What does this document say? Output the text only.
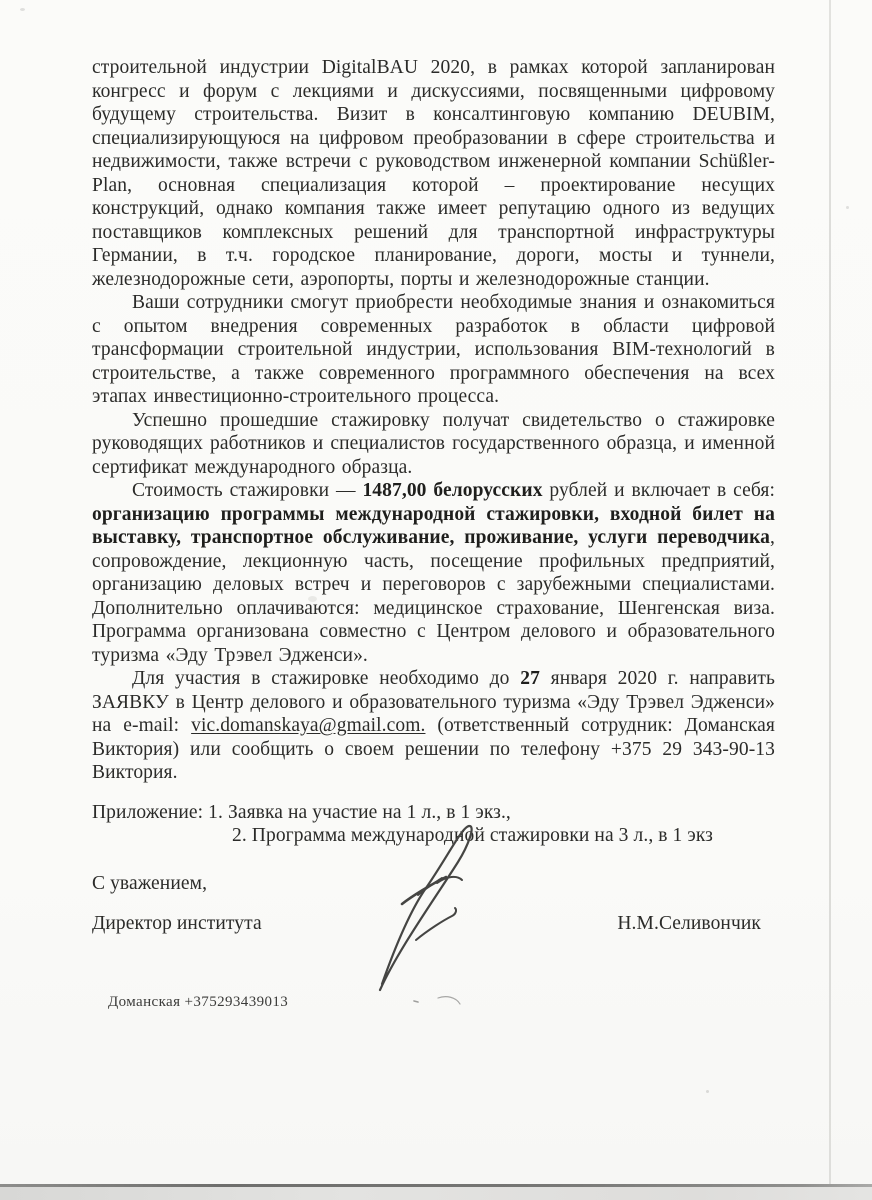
строительной индустрии DigitalBAU 2020, в рамках которой запланирован конгресс и форум с лекциями и дискуссиями, посвященными цифровому будущему строительства. Визит в консалтинговую компанию DEUBIM, специализирующуюся на цифровом преобразовании в сфере строительства и недвижимости, также встречи с руководством инженерной компании Schüßler-Plan, основная специализация которой – проектирование несущих конструкций, однако компания также имеет репутацию одного из ведущих поставщиков комплексных решений для транспортной инфраструктуры Германии, в т.ч. городское планирование, дороги, мосты и туннели, железнодорожные сети, аэропорты, порты и железнодорожные станции.

Ваши сотрудники смогут приобрести необходимые знания и ознакомиться с опытом внедрения современных разработок в области цифровой трансформации строительной индустрии, использования BIM-технологий в строительстве, а также современного программного обеспечения на всех этапах инвестиционно-строительного процесса.

Успешно прошедшие стажировку получат свидетельство о стажировке руководящих работников и специалистов государственного образца, и именной сертификат международного образца.

Стоимость стажировки — 1487,00 белорусских рублей и включает в себя: организацию программы международной стажировки, входной билет на выставку, транспортное обслуживание, проживание, услуги переводчика, сопровождение, лекционную часть, посещение профильных предприятий, организацию деловых встреч и переговоров с зарубежными специалистами. Дополнительно оплачиваются: медицинское страхование, Шенгенская виза. Программа организована совместно с Центром делового и образовательного туризма «Эду Трэвел Эдженси».

Для участия в стажировке необходимо до 27 января 2020 г. направить ЗАЯВКУ в Центр делового и образовательного туризма «Эду Трэвел Эдженси» на e-mail: vic.domanskaya@gmail.com. (ответственный сотрудник: Доманская Виктория) или сообщить о своем решении по телефону +375 29 343-90-13 Виктория.

Приложение: 1. Заявка на участие на 1 л., в 1 экз.,
2. Программа международной стажировки на 3 л., в 1 экз
С уважением,
Директор института	Н.М.Селивончик
Доманская +375293439013
